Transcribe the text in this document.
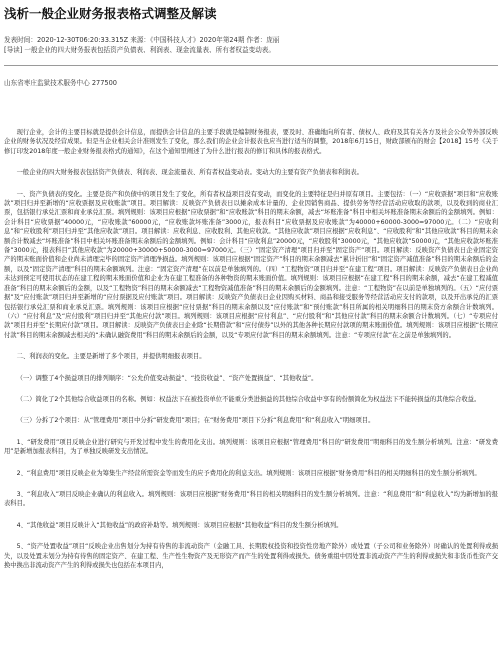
浅析一般企业财务报表格式调整及解读
发表时间：2020-12-30T06:20:33.315Z 来源：《中国科技人才》2020年第24期 作者：庞丽
[导读] 一般企业的四大财务报表包括资产负债表、利润表、现金流量表、所有者权益变动表。
山东省枣庄监狱技术服务中心 277500

现行企业，会计的主要目标就是提供会计信息，而提供会计信息的主要手段就是编制财务报表，要及时、准确地向所有者、债权人、政府及其有关各方及社会公众等外部反映企业的财务状况及经营成果。但是当企业相关会计准则发生了变化，那么我们的企业会计报表也应当进行适当的调整，2018年6月15日，财政部颁布的财会【2018】15号《关于修订印发2018年度一般企业财务报表格式的通知》，在这个通知里阐述了为什么进行报表的修订和具体的报表格式。

一般企业的四大财务报表包括资产负债表、利润表、现金流量表、所有者权益变动表。变动大的主要有资产负债表和利润表。

一、资产负债表的变化。主要是资产和负债中的项目发生了变化，所有者权益项目没有变动，而变化的主要特征是归并原有项目。主要包括：（一）“应收票据”项目和“应收账款”项目归并至新增的“应收票据及应收账款”项目。项目解读：反映资产负债表日以摊余成本计量的、企业因销售商品、提供劳务等经营活动应收取的款项，以及收到的商业汇票，包括银行承兑汇票和商业承兑汇票。填列规则：该项目应根据“应收票据”和“应收账款”科目的期末余额，减去“坏账准备”科目中相关坏账准备期末余额后的金额填列。例如：会计科目“应收票据”40000元，“应收账款”60000元，“应收账款坏账准备”3000元，报表科目“应收票据及应收账款”为40000+60000-3000=97000元。（二）“应收利息”和“应收股利”项目归并至“其他应收款”项目。项目解读：应收利息、应收股利、其他应收款。“其他应收款”项目应根据“应收利息”、“应收股利”和“其他应收款”科目的期末余额合计数减去“坏账准备”科目中相关坏账准备期末余额后的金额填列。例如：会计科目“应收利息”20000元，“应收股利”30000元，“其他应收款”50000元，“其他应收款坏账准备”3000元，报表科目“其他应收款”为20000+30000+50000-3000=97000元。（三）“固定资产清理”项目归并至“固定资产”项目。项目解读：反映资产负债表日企业固定资产的期末账面价值和企业尚未清理完毕的固定资产清理净损益。填列规则：该项目应根据“固定资产”科目的期末余额减去“累计折旧”和“固定资产减值准备”科目的期末余额后的金额，以及“固定资产清理”科目的期末余额填列。注意：“固定资产清理”在以前是单独填列的。（四）“工程物资”项目归并至“在建工程”项目。项目解读：反映资产负债表日企业尚未达到预定可使用状态的在建工程的期末账面价值和企业为在建工程准备的各种物资的期末账面价值。填列规则：该项目应根据“在建工程”科目的期末余额，减去“在建工程减值准备”科目的期末余额后的金额，以及“工程物资”科目的期末余额减去“工程物资减值准备”科目的期末余额后的金额填列。注意：“工程物资”在以前是单独填列的。（五）“应付票据”及“应付账款”项目归并至新增的“应付票据及应付账款”项目。项目解读：反映资产负债表日企业因购买材料、商品和接受服务等经营活动应支付的款项，以及开出承兑的汇票包括银行承兑汇票和商业承兑汇票。填列规则：该项目应根据“应付票据”科目的期末余额以及“应付账款”和“预付账款”科目所属的相关明细科目的期末贷方余额合计数填列。（六）“应付利息”及“应付股利”项目归并至“其他应付款”项目。填列规则：该项目应根据“应付利息”、“应付股利”和“其他应付款”科目的期末余额合计数填列。（七）“专项应付款”项目归并至“长期应付款”项目。项目解读：反映资产负债表日企业除“长期借款”和“应付债券”以外的其他各种长期应付款项的期末账面价值。填列规则：该项目应根据“长期应付款”科目的期末余额减去相关的“未确认融资费用”科目的期末余额后的金额，以及“专项应付款”科目的期末余额填列。注意：“专项应付款”在之前是单独填列的。

二、利润表的变化。主要是新增了多个项目，并提供明细报表项目。

（一）调整了4个损益项目的排列顺序：“公允价值变动损益”、“投资收益”、“资产处置损益”、“其他收益”。

（二）简化了2个其他综合收益项目的名称。例如：权益法下在被投资单位不能重分类进损益的其他综合收益中享有的份额简化为权益法下不能转损益的其他综合收益。

（三）分拆了2个项目：从“管理费用”项目中分拆“研发费用”项目；在“财务费用”项目下分拆“利息费用”和“利息收入”明细项目。

1、“研发费用”项目反映企业进行研究与开发过程中发生的费用化支出。填列规则：该项目应根据“管理费用”科目的“研发费用”明细科目的发生额分析填列。注意：“研发费用”是新增加报表科目，为了单独反映研发支出情况。

2、“利息费用”项目反映企业为筹集生产经营所需资金等而发生的应予费用化的利息支出。填列规则：该项目应根据“财务费用”科目的相关明细科目的发生额分析填列。

3、“利息收入”项目反映企业确认的利息收入。填列规则：该项目应根据“财务费用”科目的相关明细科目的发生额分析填列。注意：“利息费用”和“利息收入”均为新增加的报表科目。

4、“其他收益”项目反映计入“其他收益”的政府补助等。填列规则：该项目应根据“其他收益”科目的发生额分析填列。

5、“资产处置收益”项目“反映企业出售划分为持有待售的非流动资产（金融工具、长期股权投资和投资性房地产除外）或处置（子公司和业务除外）时确认的处置利得或损失，以及处置未划分为持有待售的固定资产、在建工程、生产性生物资产及无形资产而产生的处置利得或损失。债务重组中因处置非流动资产产生的利得或损失和非货币性资产交换中换出非流动资产产生的利得或损失也包括在本项目内，
